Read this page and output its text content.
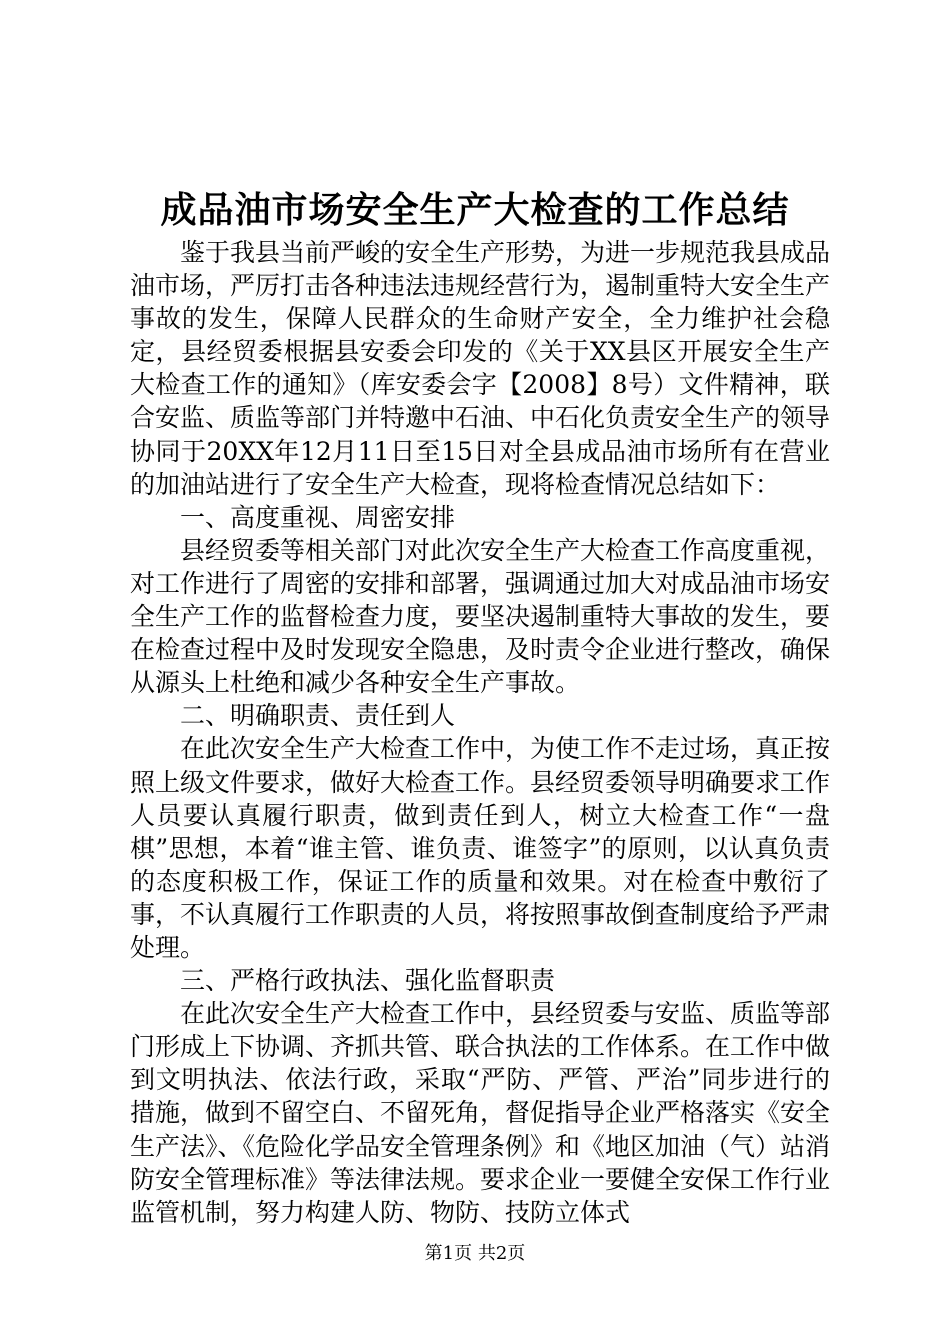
成品油市场安全生产大检查的工作总结

鉴于我县当前严峻的安全生产形势，为进一步规范我县成品油市场，严厉打击各种违法违规经营行为，遏制重特大安全生产事故的发生，保障人民群众的生命财产安全，全力维护社会稳定，县经贸委根据县安委会印发的《关于XX县区开展安全生产大检查工作的通知》（库安委会字【2008】8号）文件精神，联合安监、质监等部门并特邀中石油、中石化负责安全生产的领导协同于20XX年12月11日至15日对全县成品油市场所有在营业的加油站进行了安全生产大检查，现将检查情况总结如下：

一、高度重视、周密安排

县经贸委等相关部门对此次安全生产大检查工作高度重视，对工作进行了周密的安排和部署，强调通过加大对成品油市场安全生产工作的监督检查力度，要坚决遏制重特大事故的发生，要在检查过程中及时发现安全隐患，及时责令企业进行整改，确保从源头上杜绝和减少各种安全生产事故。

二、明确职责、责任到人

在此次安全生产大检查工作中，为使工作不走过场，真正按照上级文件要求，做好大检查工作。县经贸委领导明确要求工作人员要认真履行职责，做到责任到人，树立大检查工作“一盘棋”思想，本着“谁主管、谁负责、谁签字”的原则，以认真负责的态度积极工作，保证工作的质量和效果。对在检查中敷衍了事，不认真履行工作职责的人员，将按照事故倒查制度给予严肃处理。

三、严格行政执法、强化监督职责

在此次安全生产大检查工作中，县经贸委与安监、质监等部门形成上下协调、齐抓共管、联合执法的工作体系。在工作中做到文明执法、依法行政，采取“严防、严管、严治”同步进行的措施，做到不留空白、不留死角，督促指导企业严格落实《安全生产法》、《危险化学品安全管理条例》和《地区加油（气）站消防安全管理标准》等法律法规。要求企业一要健全安保工作行业监管机制，努力构建人防、物防、技防立体式

第1页 共2页
